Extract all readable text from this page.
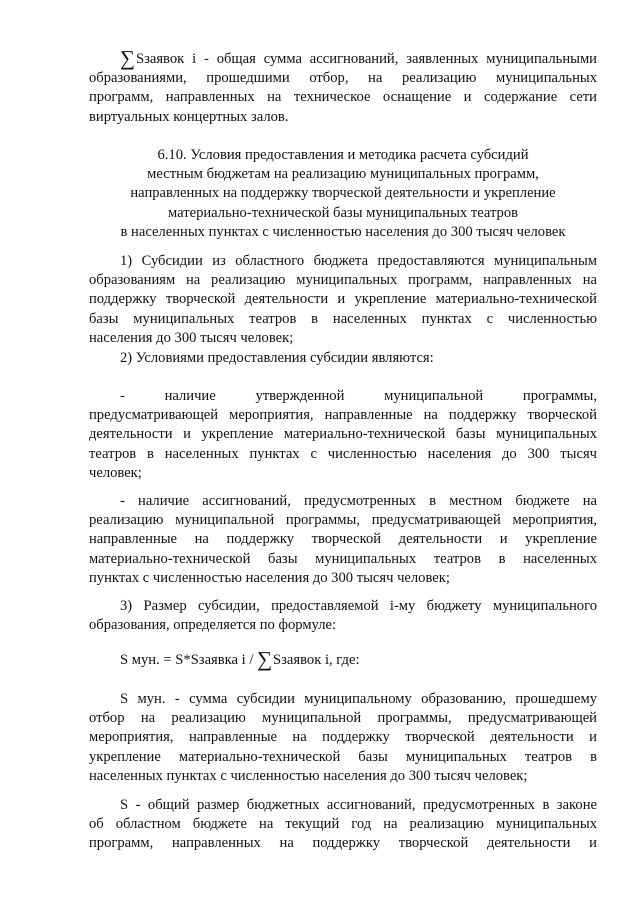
∑Sзаявок i - общая сумма ассигнований, заявленных муниципальными
образованиями, прошедшими отбор, на реализацию муниципальных
программ, направленных на техническое оснащение и содержание сети
виртуальных концертных залов.
6.10. Условия предоставления и методика расчета субсидий
местным бюджетам на реализацию муниципальных программ,
направленных на поддержку творческой деятельности и укрепление
материально-технической базы муниципальных театров
в населенных пунктах с численностью населения до 300 тысяч человек
1) Субсидии из областного бюджета предоставляются муниципальным
образованиям на реализацию муниципальных программ, направленных на
поддержку творческой деятельности и укрепление материально-технической
базы муниципальных театров в населенных пунктах с численностью
населения до 300 тысяч человек;
2) Условиями предоставления субсидии являются:
- наличие утвержденной муниципальной программы,
предусматривающей мероприятия, направленные на поддержку творческой
деятельности и укрепление материально-технической базы муниципальных
театров в населенных пунктах с численностью населения до 300 тысяч
человек;
- наличие ассигнований, предусмотренных в местном бюджете на
реализацию муниципальной программы, предусматривающей мероприятия,
направленные на поддержку творческой деятельности и укрепление
материально-технической базы муниципальных театров в населенных
пунктах с численностью населения до 300 тысяч человек;
3) Размер субсидии, предоставляемой i-му бюджету муниципального
образования, определяется по формуле:
S мун. = S*Sзаявка i / ∑Sзаявок i, где:
S мун. - сумма субсидии муниципальному образованию, прошедшему
отбор на реализацию муниципальной программы, предусматривающей
мероприятия, направленные на поддержку творческой деятельности и
укрепление материально-технической базы муниципальных театров в
населенных пунктах с численностью населения до 300 тысяч человек;
S - общий размер бюджетных ассигнований, предусмотренных в законе
об областном бюджете на текущий год на реализацию муниципальных
программ, направленных на поддержку творческой деятельности и
